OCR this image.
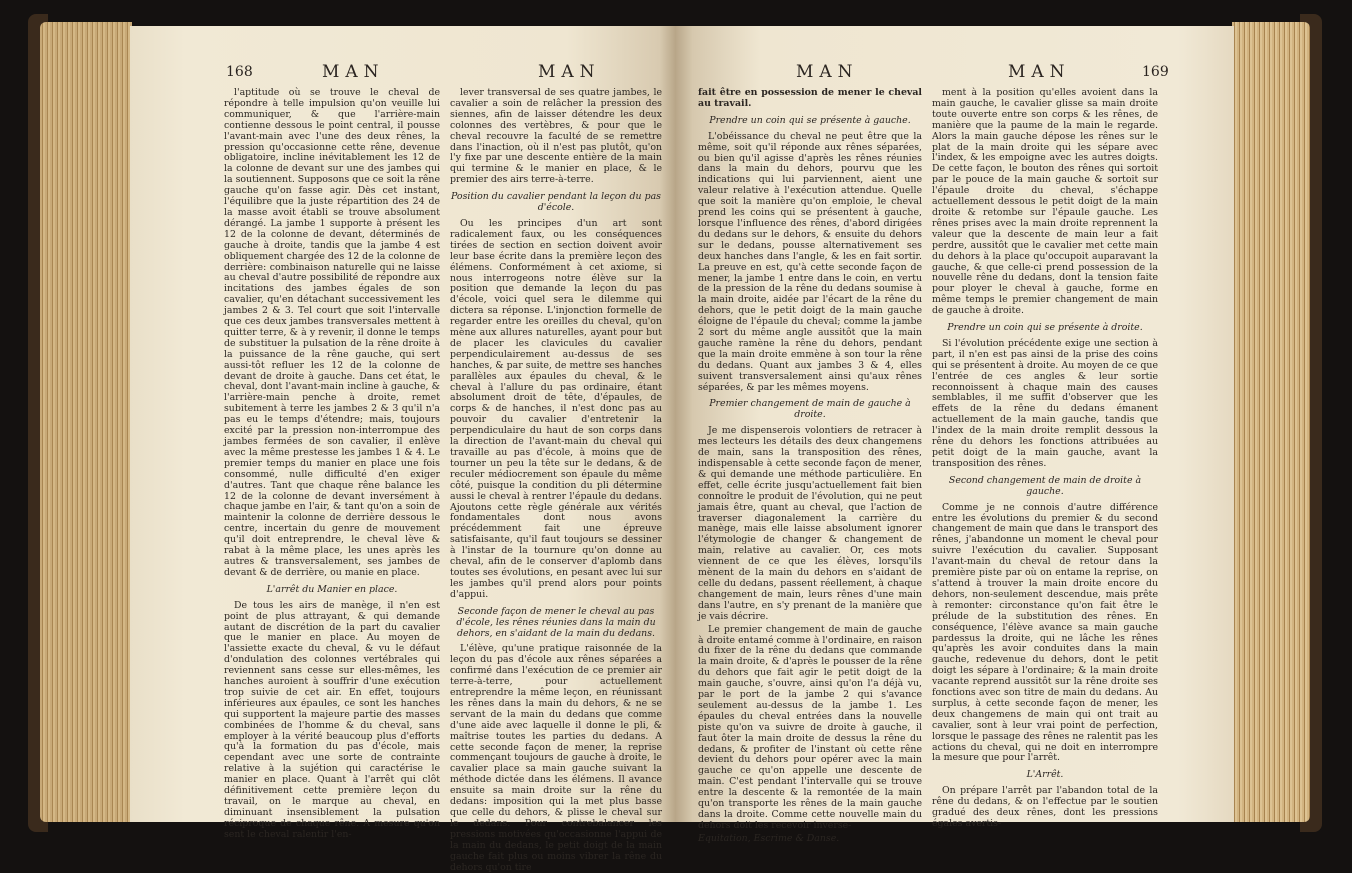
168	MAN	MAN

l'aptitude où se trouve le cheval de répondre à telle impulsion qu'on veuille lui communiquer, & que l'arrière-main contienne dessous le point central, il pousse l'avant-main avec l'une des deux rênes, la pression qu'occasionne cette rêne, devenue obligatoire, incline inévitablement les 12 de la colonne de devant sur une des jambes qui la soutiennent. Supposons que ce soit la rêne gauche qu'on fasse agir. Dès cet instant, l'équilibre que la juste répartition des 24 de la masse avoit établi se trouve absolument dérangé. La jambe 1 supporte à présent les 12 de la colonne de devant, déterminés de gauche à droite, tandis que la jambe 4 est obliquement chargée des 12 de la colonne de derrière: combinaison naturelle qui ne laisse au cheval d'autre possibilité de répondre aux incitations des jambes égales de son cavalier, qu'en détachant successivement les jambes 2 & 3. Tel court que soit l'intervalle que ces deux jambes transversales mettent à quitter terre, & à y revenir, il donne le temps de substituer la pulsation de la rêne droite à la puissance de la rêne gauche, qui sert aussi-tôt refluer les 12 de la colonne de devant de droite à gauche. Dans cet état, le cheval, dont l'avant-main incline à gauche, & l'arrière-main penche à droite, remet subitement à terre les jambes 2 & 3 qu'il n'a pas eu le temps d'étendre; mais, toujours excité par la pression non-interrompue des jambes fermées de son cavalier, il enlève avec la même prestesse les jambes 1 & 4. Le premier temps du manier en place une fois consommé, nulle difficulté d'en exiger d'autres. Tant que chaque rêne balance les 12 de la colonne de devant inversément à chaque jambe en l'air, & tant qu'on a soin de maintenir la colonne de derrière dessous le centre, incertain du genre de mouvement qu'il doit entreprendre, le cheval lève & rabat à la même place, les unes après les autres & transversalement, ses jambes de devant & de derrière, ou manie en place.

L'arrêt du Manier en place.

De tous les airs de manège, il n'en est point de plus attrayant, & qui demande autant de discrétion de la part du cavalier que le manier en place. Au moyen de l'assiette exacte du cheval, & vu le défaut d'ondulation des colonnes vertébrales qui reviennent sans cesse sur elles-mêmes, les hanches auroient à souffrir d'une exécution trop suivie de cet air. En effet, toujours inférieures aux épaules, ce sont les hanches qui supportent la majeure partie des masses combinées de l'homme & du cheval, sans employer à la vérité beaucoup plus d'efforts qu'à la formation du pas d'école, mais cependant avec une sorte de contrainte relative à la sujétion qui caractérise le manier en place. Quant à l'arrêt qui clôt définitivement cette première leçon du travail, on le marque au cheval, en diminuant insensiblement la pulsation réciproque de chaque rêne. A mesure qu'on sent le cheval ralentir l'en-

lever transversal de ses quatre jambes, le cavalier a soin de relâcher la pression des siennes, afin de laisser détendre les deux colonnes des vertèbres, & pour que le cheval recouvre la faculté de se remettre dans l'inaction, où il n'est pas plutôt, qu'on l'y fixe par une descente entière de la main qui termine & le manier en place, & le premier des airs terre-à-terre.

Position du cavalier pendant la leçon du pas d'école.

Ou les principes d'un art sont radicalement faux, ou les conséquences tirées de section en section doivent avoir leur base écrite dans la première leçon des élémens. Conformément à cet axiome, si nous interrogeons notre élève sur la position que demande la leçon du pas d'école, voici quel sera le dilemme qui dictera sa réponse. L'injonction formelle de regarder entre les oreilles du cheval, qu'on mène aux allures naturelles, ayant pour but de placer les clavicules du cavalier perpendiculairement au-dessus de ses hanches, & par suite, de mettre ses hanches parallèles aux épaules du cheval, & le cheval à l'allure du pas ordinaire, étant absolument droit de tête, d'épaules, de corps & de hanches, il n'est donc pas au pouvoir du cavalier d'entretenir la perpendiculaire du haut de son corps dans la direction de l'avant-main du cheval qui travaille au pas d'école, à moins que de tourner un peu la tête sur le dedans, & de reculer médiocrement son épaule du même côté, puisque la condition du pli détermine aussi le cheval à rentrer l'épaule du dedans. Ajoutons cette règle générale aux vérités fondamentales dont nous avons précédemment fait une épreuve satisfaisante, qu'il faut toujours se dessiner à l'instar de la tournure qu'on donne au cheval, afin de le conserver d'aplomb dans toutes ses évolutions, en pesant avec lui sur les jambes qu'il prend alors pour points d'appui.

Seconde façon de mener le cheval au pas d'école, les rênes réunies dans la main du dehors, en s'aidant de la main du dedans.

L'élève, qu'une pratique raisonnée de la leçon du pas d'école aux rênes séparées a confirmé dans l'exécution de ce premier air terre-à-terre, pour actuellement entreprendre la même leçon, en réunissant les rênes dans la main du dehors, & ne se servant de la main du dedans que comme d'une aide avec laquelle il donne le pli, & maîtrise toutes les parties du dedans. A cette seconde façon de mener, la reprise commençant toujours de gauche à droite, le cavalier place sa main gauche suivant la méthode dictée dans les élémens. Il avance ensuite sa main droite sur la rêne du dedans: imposition qui la met plus basse que celle du dehors, & plisse le cheval sur le dedans. Pour contrebalancer les pressions motivées qu'occasionne l'appui de la main du dedans, le petit doigt de la main gauche fait plus ou moins vibrer la rêne du dehors qu'on tire

MAN	MAN	169

fait être en possession de mener le cheval au travail.

Prendre un coin qui se présente à gauche.

L'obéissance du cheval ne peut être que la même, soit qu'il réponde aux rênes séparées, ou bien qu'il agisse d'après les rênes réunies dans la main du dehors, pourvu que les indications qui lui parviennent, aient une valeur relative à l'exécution attendue. Quelle que soit la manière qu'on emploie, le cheval prend les coins qui se présentent à gauche, lorsque l'influence des rênes, d'abord dirigées du dedans sur le dehors, & ensuite du dehors sur le dedans, pousse alternativement ses deux hanches dans l'angle, & les en fait sortir. La preuve en est, qu'à cette seconde façon de mener, la jambe 1 entre dans le coin, en vertu de la pression de la rêne du dedans soumise à la main droite, aidée par l'écart de la rêne du dehors, que le petit doigt de la main gauche éloigne de l'épaule du cheval; comme la jambe 2 sort du même angle aussitôt que la main gauche ramène la rêne du dehors, pendant que la main droite emmène à son tour la rêne du dedans. Quant aux jambes 3 & 4, elles suivent transversalement ainsi qu'aux rênes séparées, & par les mêmes moyens.

Premier changement de main de gauche à droite.

Je me dispenserois volontiers de retracer à mes lecteurs les détails des deux changemens de main, sans la transposition des rênes, indispensable à cette seconde façon de mener, & qui demande une méthode particulière. En effet, celle écrite jusqu'actuellement fait bien connoître le produit de l'évolution, qui ne peut jamais être, quant au cheval, que l'action de traverser diagonalement la carrière du manège, mais elle laisse absolument ignorer l'étymologie de changer & changement de main, relative au cavalier. Or, ces mots viennent de ce que les élèves, lorsqu'ils mènent de la main du dehors en s'aidant de celle du dedans, passent réellement, à chaque changement de main, leurs rênes d'une main dans l'autre, en s'y prenant de la manière que je vais décrire.

Le premier changement de main de gauche à droite entamé comme à l'ordinaire, en raison du fixer de la rêne du dedans que commande la main droite, & d'après le pousser de la rêne du dehors que fait agir le petit doigt de la main gauche, s'ouvre, ainsi qu'on l'a déjà vu, par le port de la jambe 2 qui s'avance seulement au-dessus de la jambe 1. Les épaules du cheval entrées dans la nouvelle piste qu'on va suivre de droite à gauche, il faut ôter la main droite de dessus la rêne du dedans, & profiter de l'instant où cette rêne devient du dehors pour opérer avec la main gauche ce qu'on appelle une descente de main. C'est pendant l'intervalle qui se trouve entre la descente & la remontée de la main qu'on transporte les rênes de la main gauche dans la droite. Comme cette nouvelle main du dehors doit les recevoir inverse-

Equitation, Escrime & Danse.

ment à la position qu'elles avoient dans la main gauche, le cavalier glisse sa main droite toute ouverte entre son corps & les rênes, de manière que la paume de la main le regarde. Alors la main gauche dépose les rênes sur le plat de la main droite qui les sépare avec l'index, & les empoigne avec les autres doigts. De cette façon, le bouton des rênes qui sortoit par le pouce de la main gauche & sortoit sur l'épaule droite du cheval, s'échappe actuellement dessous le petit doigt de la main droite & retombe sur l'épaule gauche. Les rênes prises avec la main droite reprennent la valeur que la descente de main leur a fait perdre, aussitôt que le cavalier met cette main du dehors à la place qu'occupoit auparavant la gauche, & que celle-ci prend possession de la nouvelle rêne du dedans, dont la tension faite pour ployer le cheval à gauche, forme en même temps le premier changement de main de gauche à droite.

Prendre un coin qui se présente à droite.

Si l'évolution précédente exige une section à part, il n'en est pas ainsi de la prise des coins qui se présentent à droite. Au moyen de ce que l'entrée de ces angles & leur sortie reconnoissent à chaque main des causes semblables, il me suffit d'observer que les effets de la rêne du dedans émanent actuellement de la main gauche, tandis que l'index de la main droite remplit dessous la rêne du dehors les fonctions attribuées au petit doigt de la main gauche, avant la transposition des rênes.

Second changement de main de droite à gauche.

Comme je ne connois d'autre différence entre les évolutions du premier & du second changement de main que dans le transport des rênes, j'abandonne un moment le cheval pour suivre l'exécution du cavalier. Supposant l'avant-main du cheval de retour dans la première piste par où on entame la reprise, on s'attend à trouver la main droite encore du dehors, non-seulement descendue, mais prête à remonter: circonstance qu'on fait être le prélude de la substitution des rênes. En conséquence, l'élève avance sa main gauche pardessus la droite, qui ne lâche les rênes qu'après les avoir conduites dans la main gauche, redevenue du dehors, dont le petit doigt les sépare à l'ordinaire; & la main droite vacante reprend aussitôt sur la rêne droite ses fonctions avec son titre de main du dedans. Au surplus, à cette seconde façon de mener, les deux changemens de main qui ont trait au cavalier, sont à leur vrai point de perfection, lorsque le passage des rênes ne ralentit pas les actions du cheval, qui ne doit en interrompre la mesure que pour l'arrêt.

L'Arrêt.

On prépare l'arrêt par l'abandon total de la rêne du dedans, & on l'effectue par le soutien gradué des deux rênes, dont les pressions égales avertis-
